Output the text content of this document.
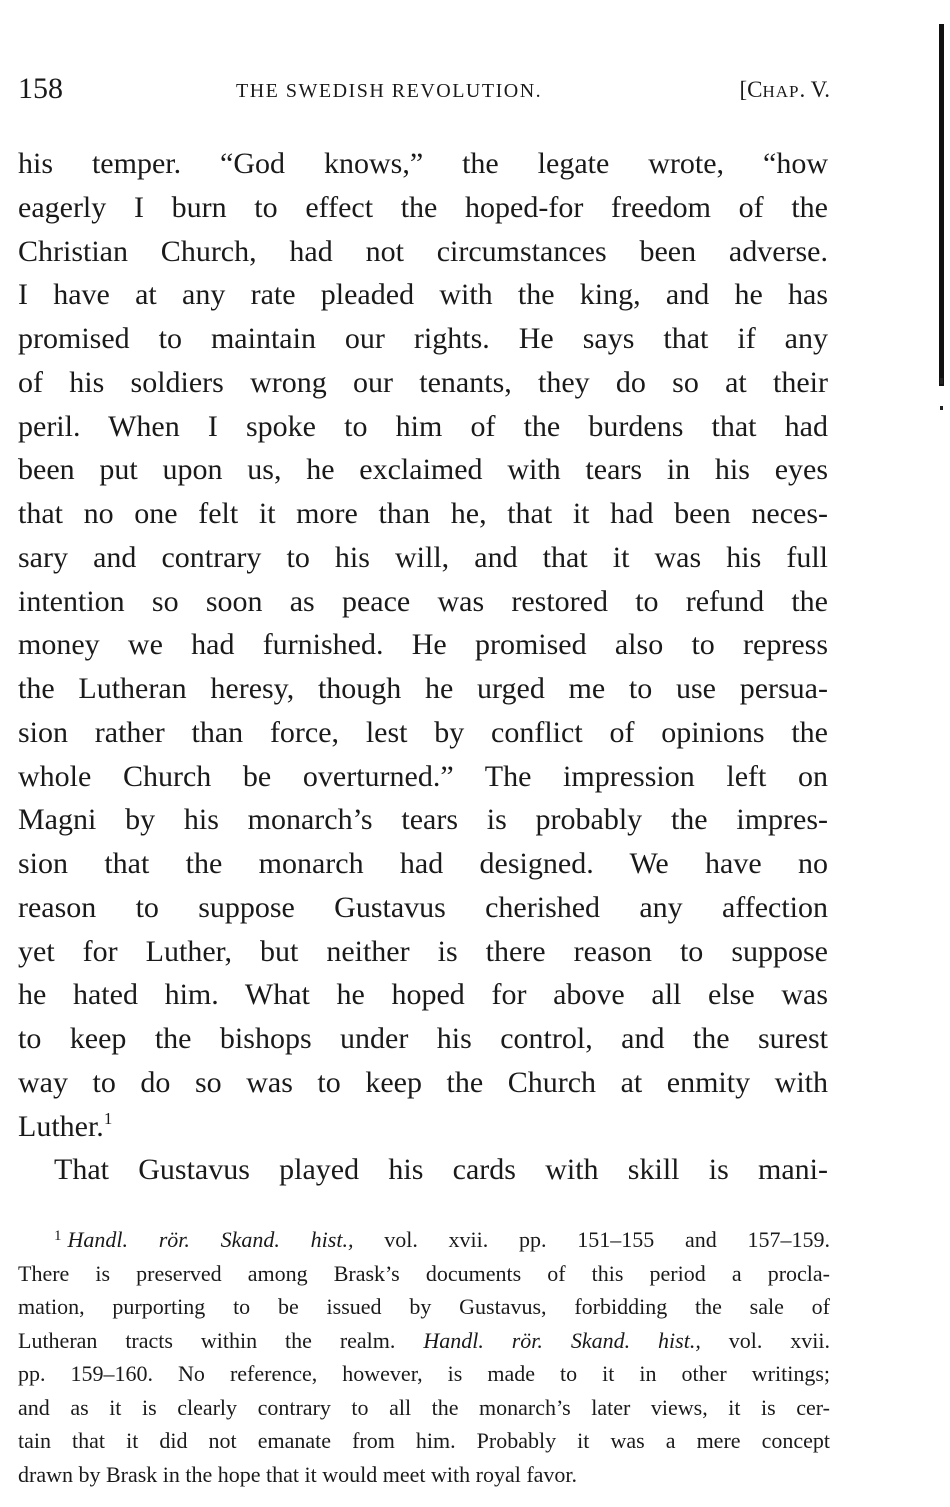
158	THE SWEDISH REVOLUTION.	[CHAP. V.
his temper. “God knows,” the legate wrote, “how
eagerly I burn to effect the hoped-for freedom of the
Christian Church, had not circumstances been adverse.
I have at any rate pleaded with the king, and he has
promised to maintain our rights. He says that if any
of his soldiers wrong our tenants, they do so at their
peril. When I spoke to him of the burdens that had
been put upon us, he exclaimed with tears in his eyes
that no one felt it more than he, that it had been neces-
sary and contrary to his will, and that it was his full
intention so soon as peace was restored to refund the
money we had furnished. He promised also to repress
the Lutheran heresy, though he urged me to use persua-
sion rather than force, lest by conflict of opinions the
whole Church be overturned.” The impression left on
Magni by his monarch’s tears is probably the impres-
sion that the monarch had designed. We have no
reason to suppose Gustavus cherished any affection
yet for Luther, but neither is there reason to suppose
he hated him. What he hoped for above all else was
to keep the bishops under his control, and the surest
way to do so was to keep the Church at enmity with
Luther.$^1$
That Gustavus played his cards with skill is mani-
$^1$ Handl. rör. Skand. hist., vol. xvii. pp. 151–155 and 157–159.
There is preserved among Brask’s documents of this period a procla-
mation, purporting to be issued by Gustavus, forbidding the sale of
Lutheran tracts within the realm. Handl. rör. Skand. hist., vol. xvii.
pp. 159–160. No reference, however, is made to it in other writings;
and as it is clearly contrary to all the monarch’s later views, it is cer-
tain that it did not emanate from him. Probably it was a mere concept
drawn by Brask in the hope that it would meet with royal favor.
